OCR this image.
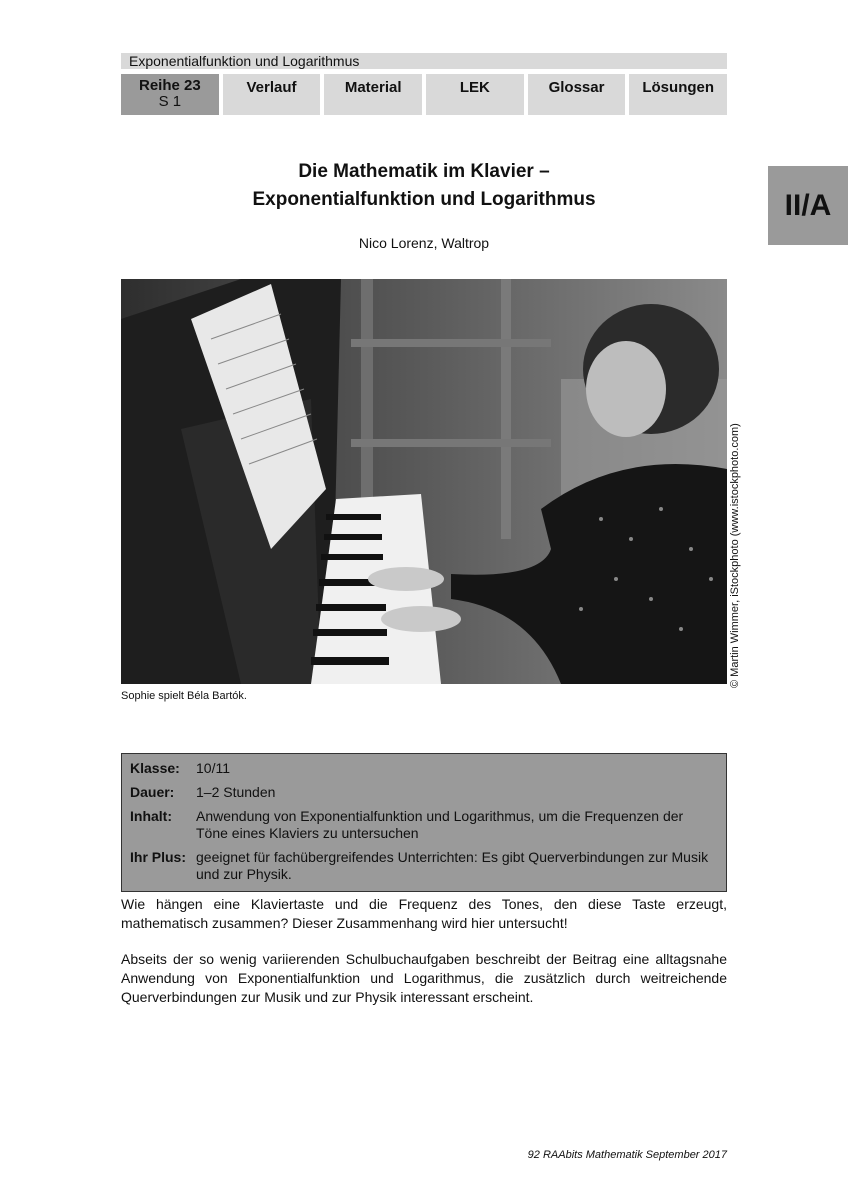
Exponentialfunktion und Logarithmus
Reihe 23
S 1
Verlauf	Material	LEK	Glossar	Lösungen
II/A
Die Mathematik im Klavier –
Exponentialfunktion und Logarithmus
Nico Lorenz, Waltrop
© Martin Wimmer, iStockphoto (www.istockphoto.com)
Sophie spielt Béla Bartók.
Klasse:	10/11
Dauer:	1–2 Stunden
Inhalt:	Anwendung von Exponentialfunktion und Logarithmus, um die Frequenzen der Töne eines Klaviers zu untersuchen
Ihr Plus: geeignet für fachübergreifendes Unterrichten: Es gibt Querverbindungen zur Musik und zur Physik.

Wie hängen eine Klaviertaste und die Frequenz des Tones, den diese Taste erzeugt, mathematisch zusammen? Dieser Zusammenhang wird hier untersucht!

Abseits der so wenig variierenden Schulbuchaufgaben beschreibt der Beitrag eine alltagsnahe Anwendung von Exponentialfunktion und Logarithmus, die zusätzlich durch weitreichende Querverbindungen zur Musik und zur Physik interessant erscheint.

92 RAAbits Mathematik September 2017
